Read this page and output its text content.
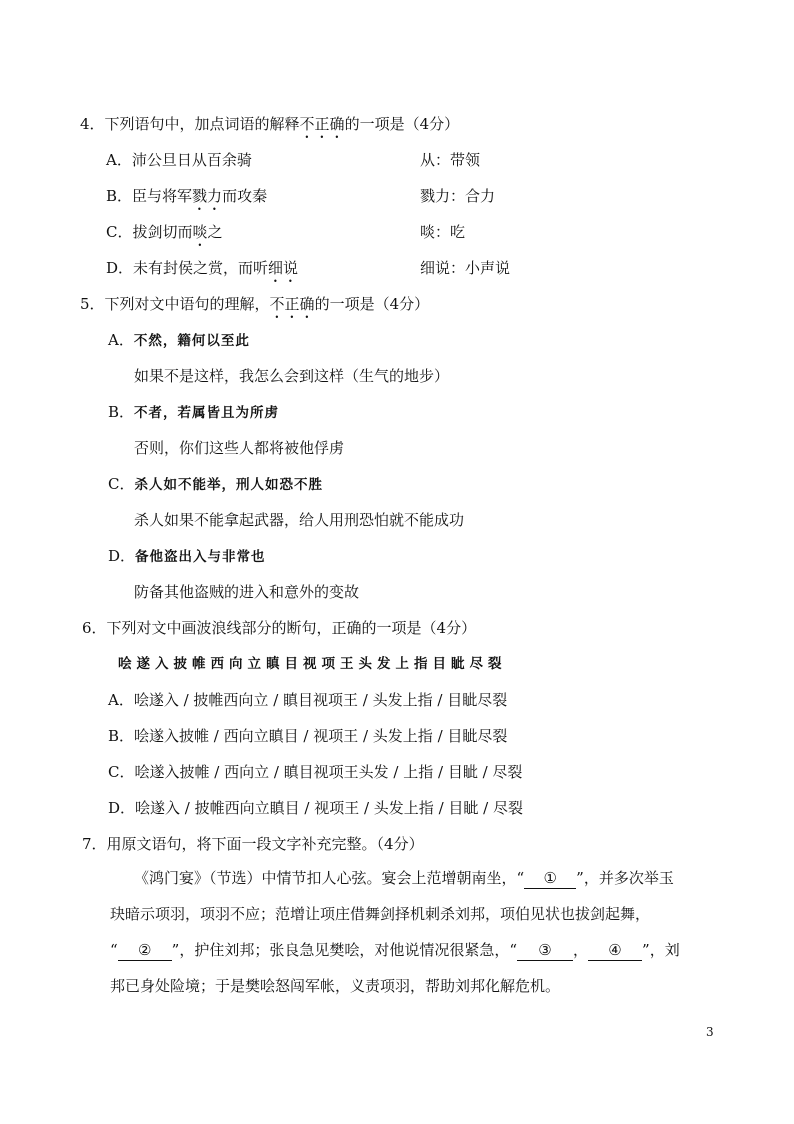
4．下列语句中，加点词语的解释不正确的一项是（4分）
A．沛公旦日从百余骑	从：带领
B．臣与将军戮力而攻秦	戮力：合力
C．拔剑切而啖之	啖：吃
D．未有封侯之赏，而听细说	细说：小声说
5．下列对文中语句的理解，不正确的一项是（4分）
A．不然，籍何以至此
如果不是这样，我怎么会到这样（生气的地步）
B．不者，若属皆且为所虏
否则，你们这些人都将被他俘虏
C．杀人如不能举，刑人如恐不胜
杀人如果不能拿起武器，给人用刑恐怕就不能成功
D．备他盗出入与非常也
防备其他盗贼的进入和意外的变故
6．下列对文中画波浪线部分的断句，正确的一项是（4分）
哙遂入披帷西向立瞋目视项王头发上指目眦尽裂
A．哙遂入 / 披帷西向立 / 瞋目视项王 / 头发上指 / 目眦尽裂
B．哙遂入披帷 / 西向立瞋目 / 视项王 / 头发上指 / 目眦尽裂
C．哙遂入披帷 / 西向立 / 瞋目视项王头发 / 上指 / 目眦 / 尽裂
D．哙遂入 / 披帷西向立瞋目 / 视项王 / 头发上指 / 目眦 / 尽裂
7．用原文语句，将下面一段文字补充完整。（4分）
《鸿门宴》（节选）中情节扣人心弦。宴会上范增朝南坐，“ ① ”，并多次举玉
玦暗示项羽，项羽不应；范增让项庄借舞剑择机刺杀刘邦，项伯见状也拔剑起舞，
“ ② ”，护住刘邦；张良急见樊哙，对他说情况很紧急，“ ③ ， ④ ”，刘
邦已身处险境；于是樊哙怒闯军帐，义责项羽，帮助刘邦化解危机。
3
